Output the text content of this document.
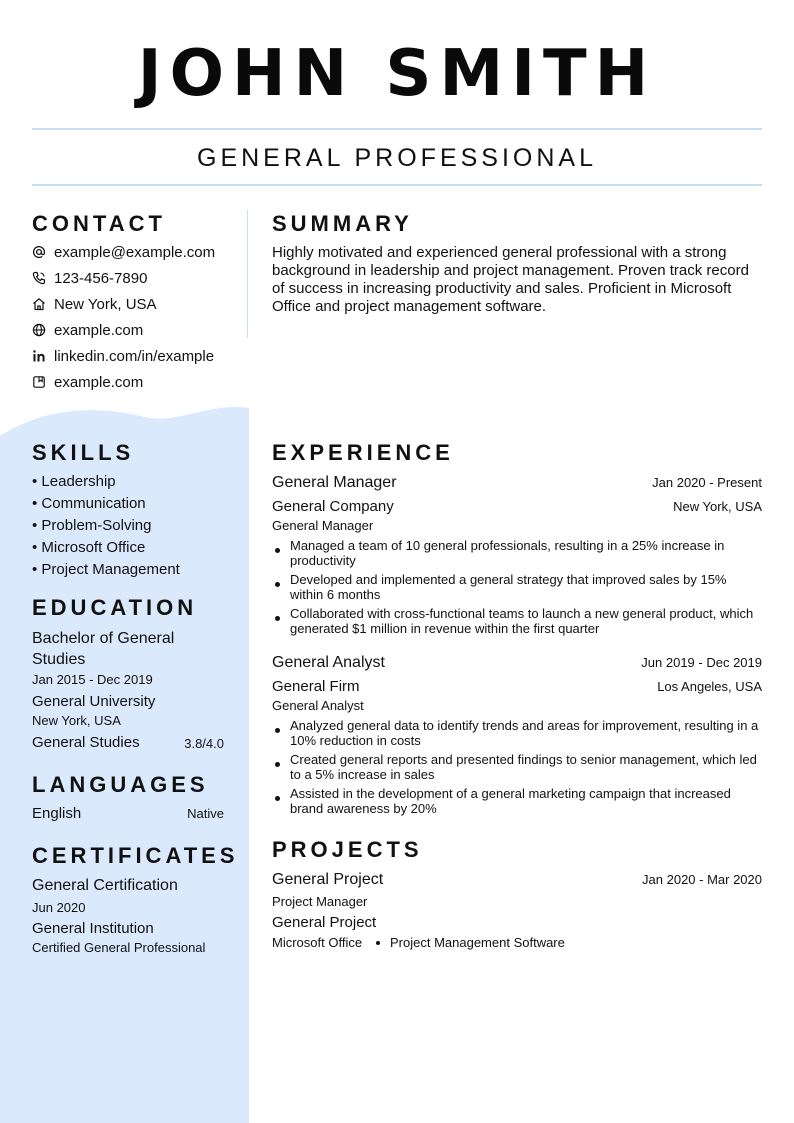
JOHN SMITH
GENERAL PROFESSIONAL
CONTACT
example@example.com
123-456-7890
New York, USA
example.com
linkedin.com/in/example
example.com
SUMMARY
Highly motivated and experienced general professional with a strong background in leadership and project management. Proven track record of success in increasing productivity and sales. Proficient in Microsoft Office and project management software.
SKILLS
• Leadership
• Communication
• Problem-Solving
• Microsoft Office
• Project Management
EDUCATION
Bachelor of General Studies
Jan 2015 - Dec 2019
General University
New York, USA
General Studies	3.8/4.0
LANGUAGES
English	Native
CERTIFICATES
General Certification
Jun 2020
General Institution
Certified General Professional
EXPERIENCE
General Manager	Jan 2020 - Present
General Company	New York, USA
General Manager
Managed a team of 10 general professionals, resulting in a 25% increase in productivity
Developed and implemented a general strategy that improved sales by 15% within 6 months
Collaborated with cross-functional teams to launch a new general product, which generated $1 million in revenue within the first quarter
General Analyst	Jun 2019 - Dec 2019
General Firm	Los Angeles, USA
General Analyst
Analyzed general data to identify trends and areas for improvement, resulting in a 10% reduction in costs
Created general reports and presented findings to senior management, which led to a 5% increase in sales
Assisted in the development of a general marketing campaign that increased brand awareness by 20%
PROJECTS
General Project	Jan 2020 - Mar 2020
Project Manager
General Project
Microsoft Office Project Management Software
